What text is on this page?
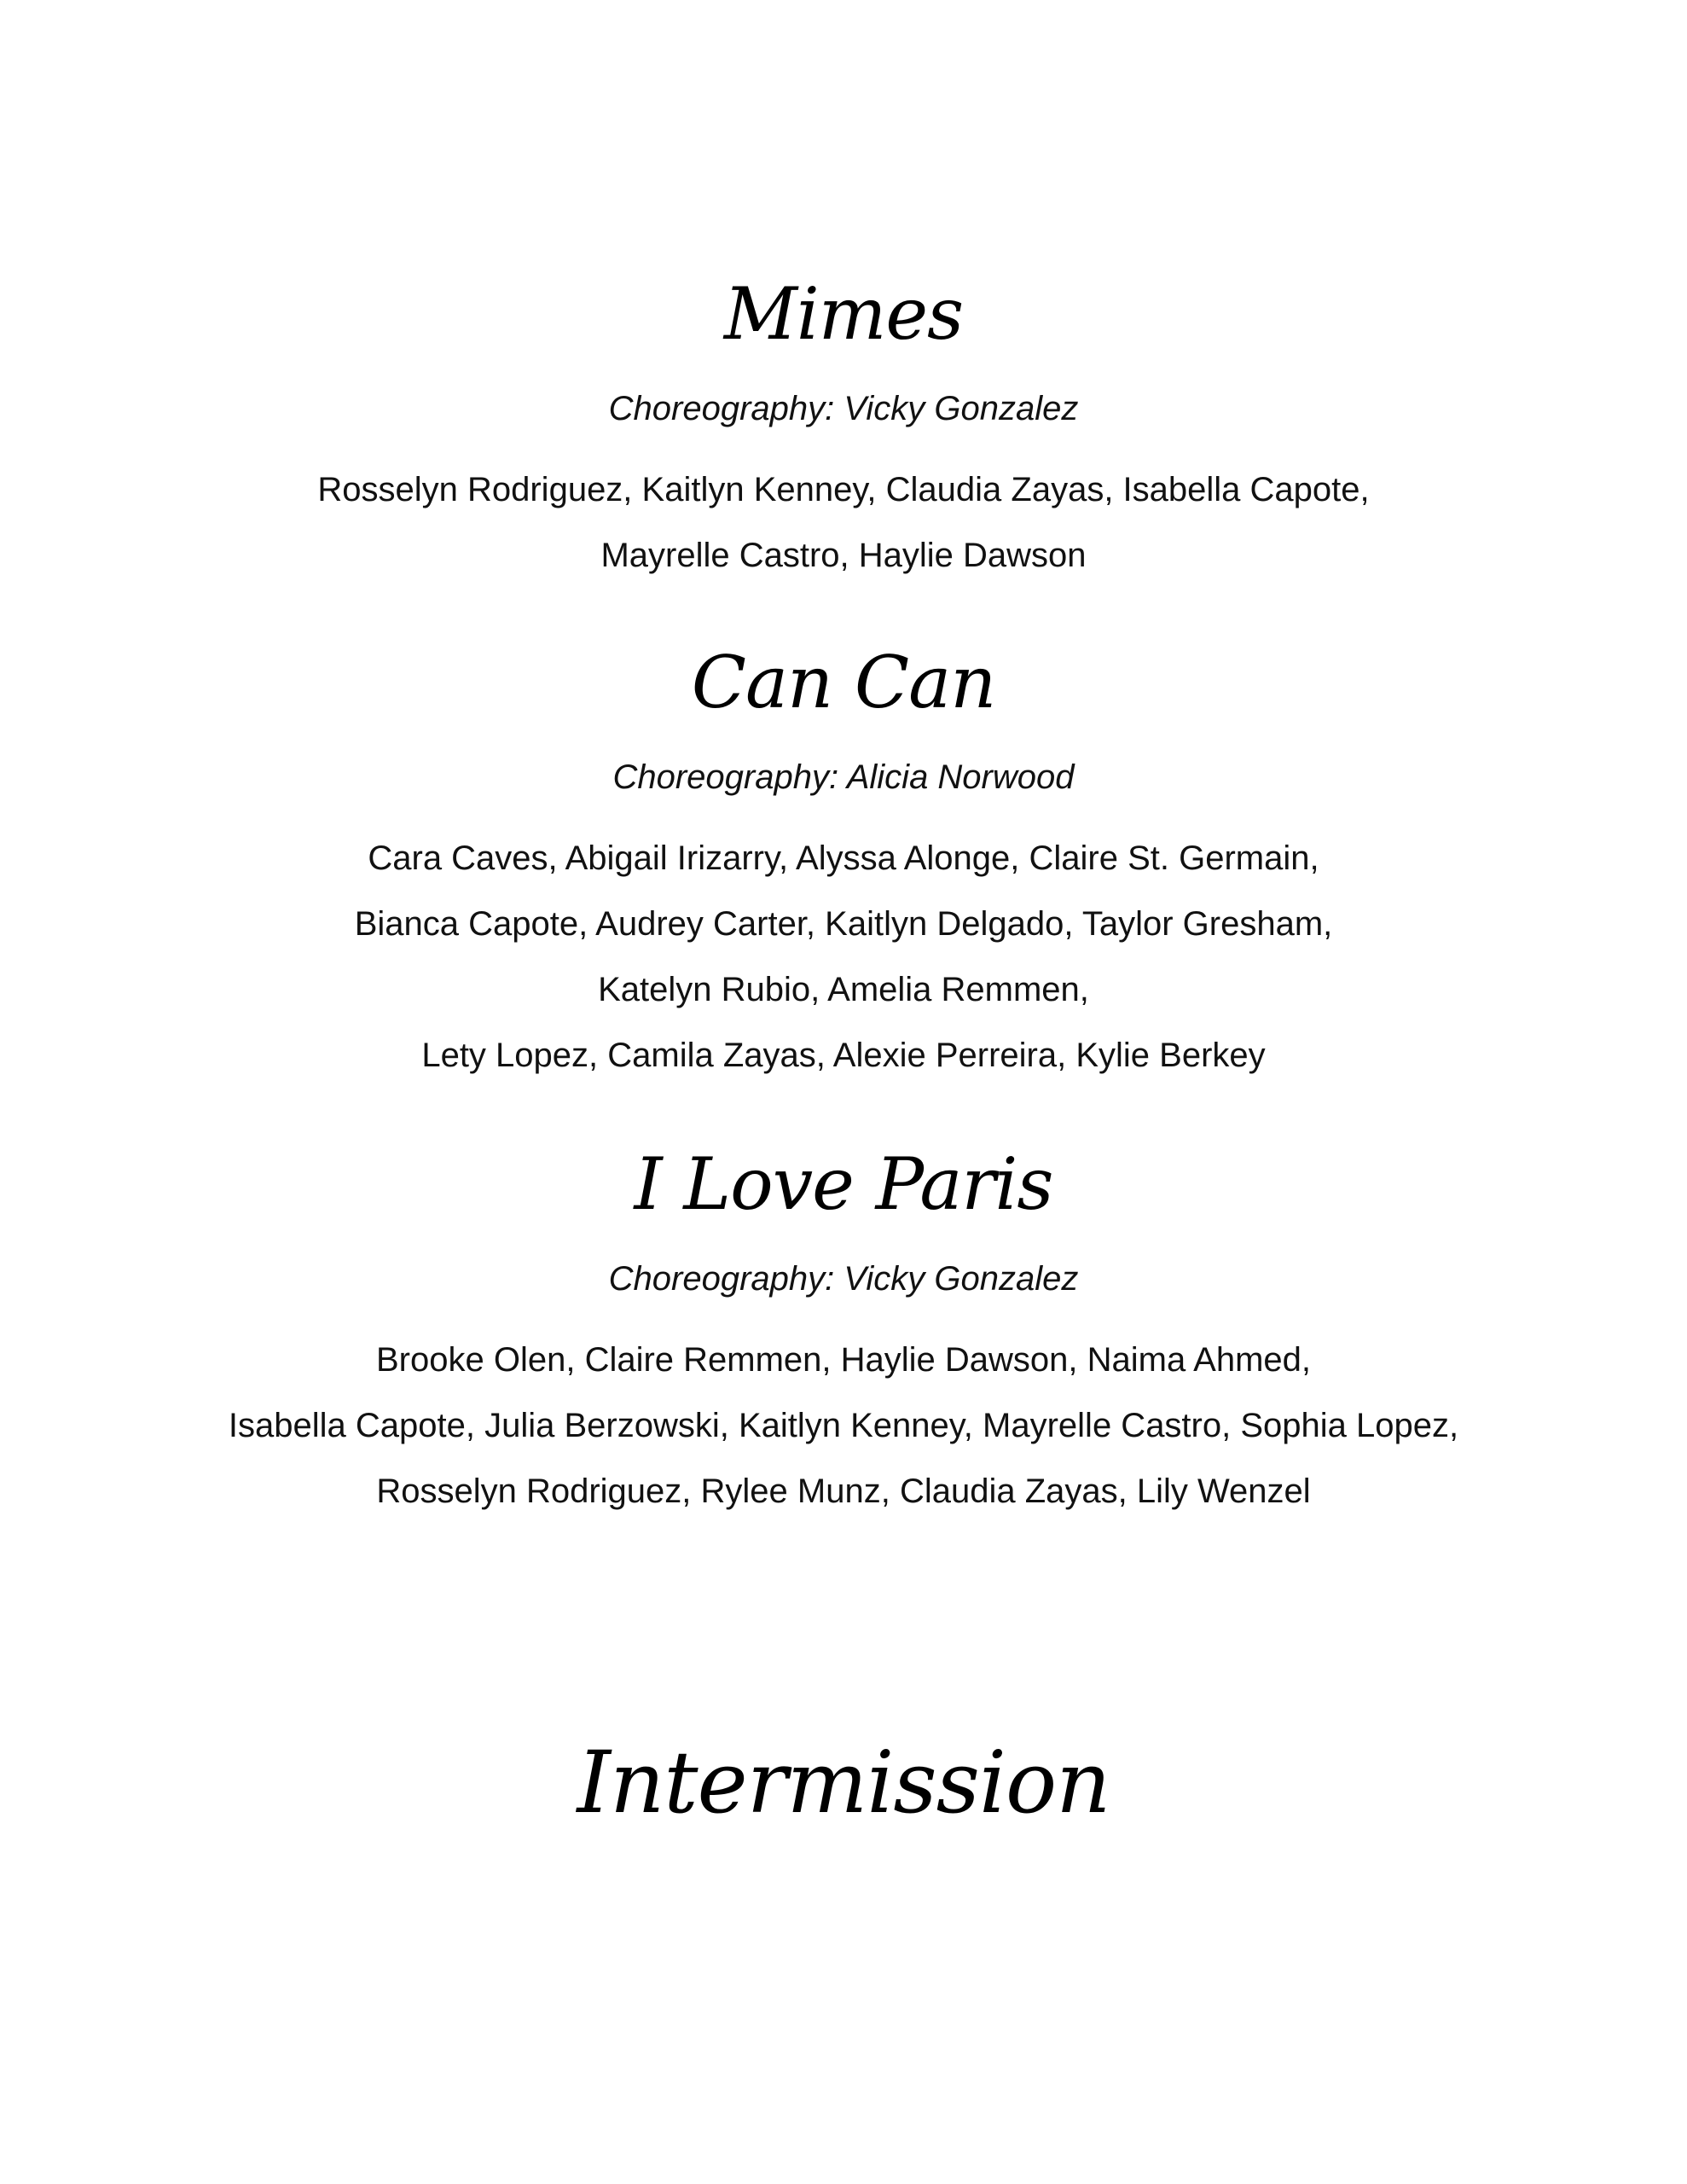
Mimes

Choreography: Vicky Gonzalez

Rosselyn Rodriguez, Kaitlyn Kenney, Claudia Zayas, Isabella Capote,
Mayrelle Castro, Haylie Dawson

Can Can

Choreography: Alicia Norwood

Cara Caves, Abigail Irizarry, Alyssa Alonge, Claire St. Germain,
Bianca Capote, Audrey Carter, Kaitlyn Delgado, Taylor Gresham,
Katelyn Rubio, Amelia Remmen,
Lety Lopez, Camila Zayas, Alexie Perreira, Kylie Berkey

I Love Paris

Choreography: Vicky Gonzalez

Brooke Olen, Claire Remmen, Haylie Dawson, Naima Ahmed,
Isabella Capote, Julia Berzowski, Kaitlyn Kenney, Mayrelle Castro, Sophia Lopez,
Rosselyn Rodriguez, Rylee Munz, Claudia Zayas, Lily Wenzel

Intermission
